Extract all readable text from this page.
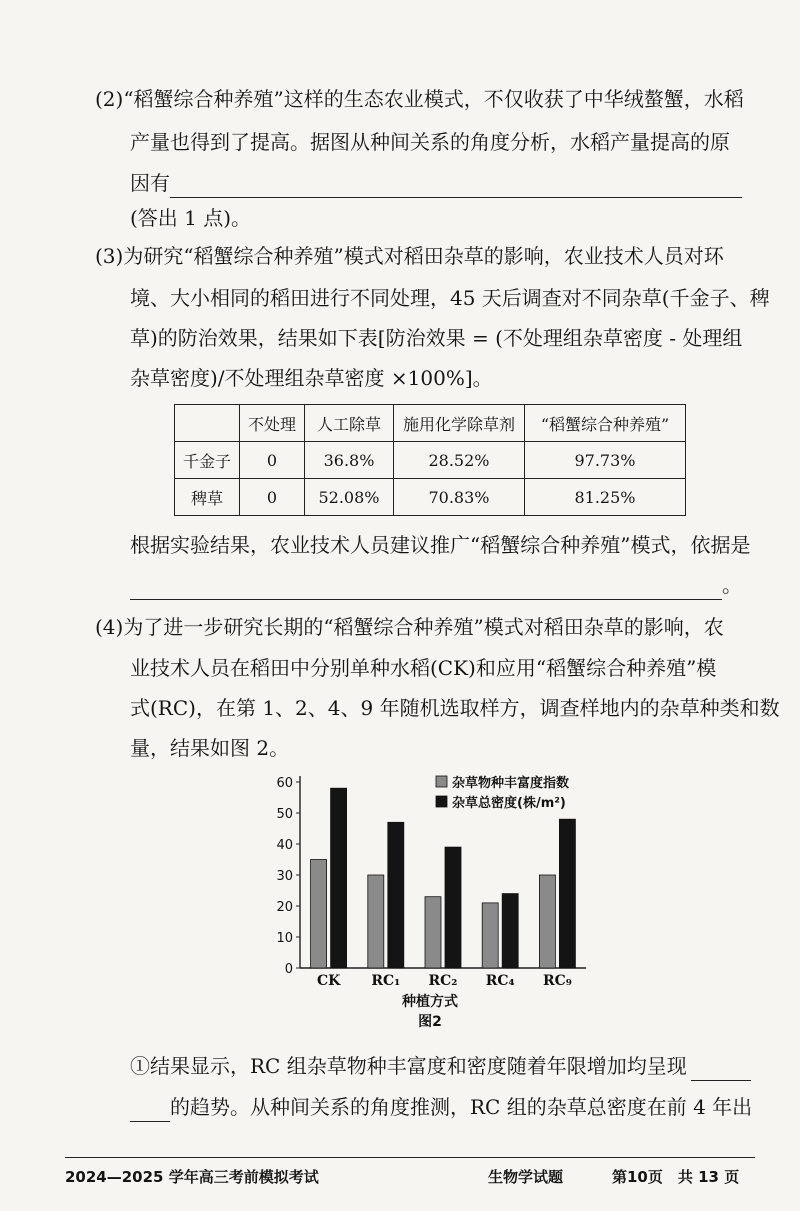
(2)“稻蟹综合种养殖”这样的生态农业模式，不仅收获了中华绒螯蟹，水稻
产量也得到了提高。据图从种间关系的角度分析，水稻产量提高的原
因有
(答出 1 点)。
(3)为研究“稻蟹综合种养殖”模式对稻田杂草的影响，农业技术人员对环
境、大小相同的稻田进行不同处理，45 天后调查对不同杂草(千金子、稗
草)的防治效果，结果如下表[防治效果 = (不处理组杂草密度 - 处理组
杂草密度)/不处理组杂草密度 ×100%]。
	不处理	人工除草	施用化学除草剂	“稻蟹综合种养殖”
千金子	0	36.8%	28.52%	97.73%
稗草	0	52.08%	70.83%	81.25%
根据实验结果，农业技术人员建议推广“稻蟹综合种养殖”模式，依据是
。
(4)为了进一步研究长期的“稻蟹综合种养殖”模式对稻田杂草的影响，农
业技术人员在稻田中分别单种水稻(CK)和应用“稻蟹综合种养殖”模
式(RC)，在第 1、2、4、9 年随机选取样方，调查样地内的杂草种类和数
量，结果如图 2。
0
10
20
30
40
50
60
CK RC₁ RC₂ RC₄ RC₉
杂草物种丰富度指数
杂草总密度(株/m²)
种植方式
图2
①结果显示，RC 组杂草物种丰富度和密度随着年限增加均呈现
的趋势。从种间关系的角度推测，RC 组的杂草总密度在前 4 年出
2024—2025 学年高三考前模拟考试	生物学试题	第10页　共 13 页
